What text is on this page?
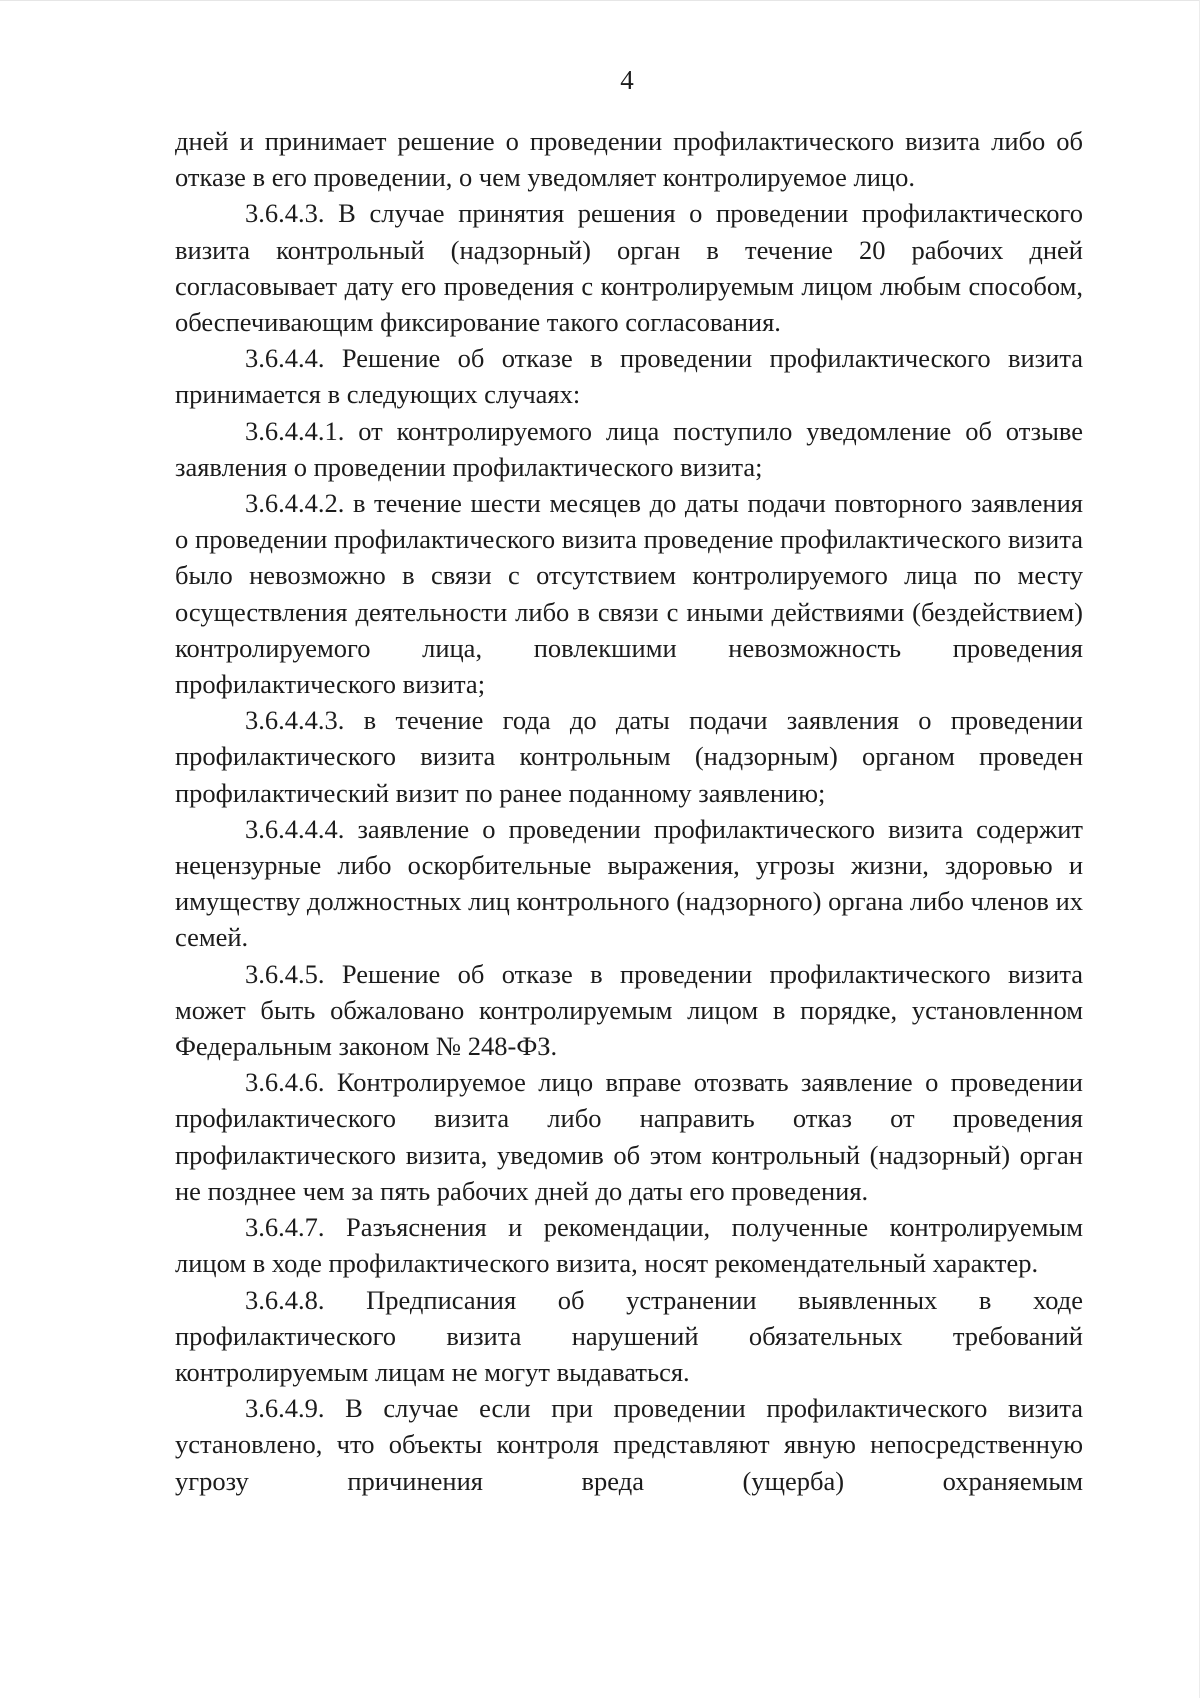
4

дней и принимает решение о проведении профилактического визита либо об отказе в его проведении, о чем уведомляет контролируемое лицо.

3.6.4.3. В случае принятия решения о проведении профилактического визита контрольный (надзорный) орган в течение 20 рабочих дней согласовывает дату его проведения с контролируемым лицом любым способом, обеспечивающим фиксирование такого согласования.

3.6.4.4. Решение об отказе в проведении профилактического визита принимается в следующих случаях:

3.6.4.4.1. от контролируемого лица поступило уведомление об отзыве заявления о проведении профилактического визита;

3.6.4.4.2. в течение шести месяцев до даты подачи повторного заявления о проведении профилактического визита проведение профилактического визита было невозможно в связи с отсутствием контролируемого лица по месту осуществления деятельности либо в связи с иными действиями (бездействием) контролируемого лица, повлекшими невозможность проведения профилактического визита;

3.6.4.4.3. в течение года до даты подачи заявления о проведении профилактического визита контрольным (надзорным) органом проведен профилактический визит по ранее поданному заявлению;

3.6.4.4.4. заявление о проведении профилактического визита содержит нецензурные либо оскорбительные выражения, угрозы жизни, здоровью и имуществу должностных лиц контрольного (надзорного) органа либо членов их семей.

3.6.4.5. Решение об отказе в проведении профилактического визита может быть обжаловано контролируемым лицом в порядке, установленном Федеральным законом № 248-ФЗ.

3.6.4.6. Контролируемое лицо вправе отозвать заявление о проведении профилактического визита либо направить отказ от проведения профилактического визита, уведомив об этом контрольный (надзорный) орган не позднее чем за пять рабочих дней до даты его проведения.

3.6.4.7. Разъяснения и рекомендации, полученные контролируемым лицом в ходе профилактического визита, носят рекомендательный характер.

3.6.4.8. Предписания об устранении выявленных в ходе профилактического визита нарушений обязательных требований контролируемым лицам не могут выдаваться.

3.6.4.9. В случае если при проведении профилактического визита установлено, что объекты контроля представляют явную непосредственную угрозу причинения вреда (ущерба) охраняемым
